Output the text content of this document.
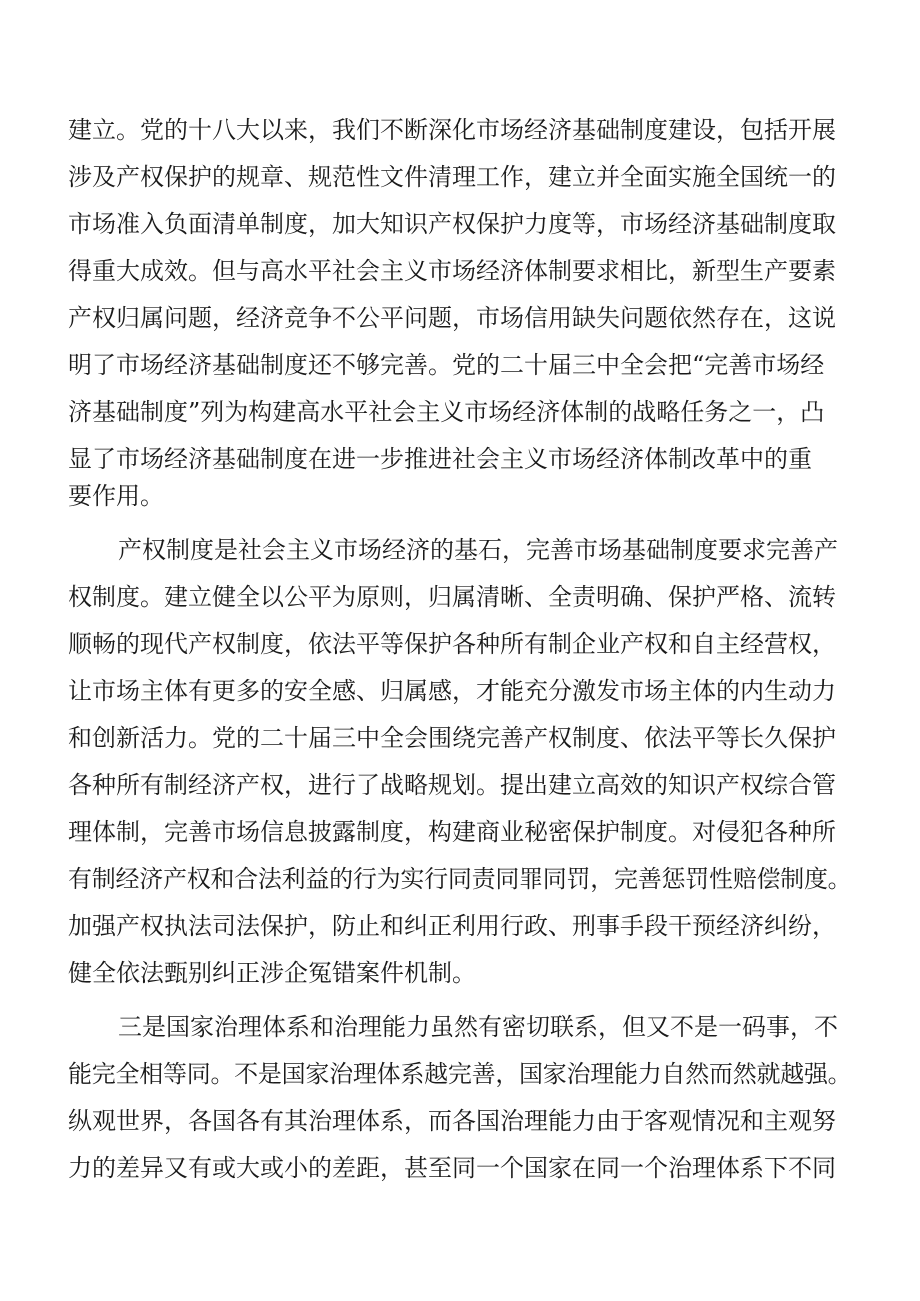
建立。党的十八大以来，我们不断深化市场经济基础制度建设，包括开展
涉及产权保护的规章、规范性文件清理工作，建立并全面实施全国统一的
市场准入负面清单制度，加大知识产权保护力度等，市场经济基础制度取
得重大成效。但与高水平社会主义市场经济体制要求相比，新型生产要素
产权归属问题，经济竞争不公平问题，市场信用缺失问题依然存在，这说
明了市场经济基础制度还不够完善。党的二十届三中全会把“完善市场经
济基础制度”列为构建高水平社会主义市场经济体制的战略任务之一，凸
显了市场经济基础制度在进一步推进社会主义市场经济体制改革中的重
要作用。
产权制度是社会主义市场经济的基石，完善市场基础制度要求完善产
权制度。建立健全以公平为原则，归属清晰、全责明确、保护严格、流转
顺畅的现代产权制度，依法平等保护各种所有制企业产权和自主经营权，
让市场主体有更多的安全感、归属感，才能充分激发市场主体的内生动力
和创新活力。党的二十届三中全会围绕完善产权制度、依法平等长久保护
各种所有制经济产权，进行了战略规划。提出建立高效的知识产权综合管
理体制，完善市场信息披露制度，构建商业秘密保护制度。对侵犯各种所
有制经济产权和合法利益的行为实行同责同罪同罚，完善惩罚性赔偿制度。
加强产权执法司法保护，防止和纠正利用行政、刑事手段干预经济纠纷，
健全依法甄别纠正涉企冤错案件机制。
三是国家治理体系和治理能力虽然有密切联系，但又不是一码事，不
能完全相等同。不是国家治理体系越完善，国家治理能力自然而然就越强。
纵观世界，各国各有其治理体系，而各国治理能力由于客观情况和主观努
力的差异又有或大或小的差距，甚至同一个国家在同一个治理体系下不同
